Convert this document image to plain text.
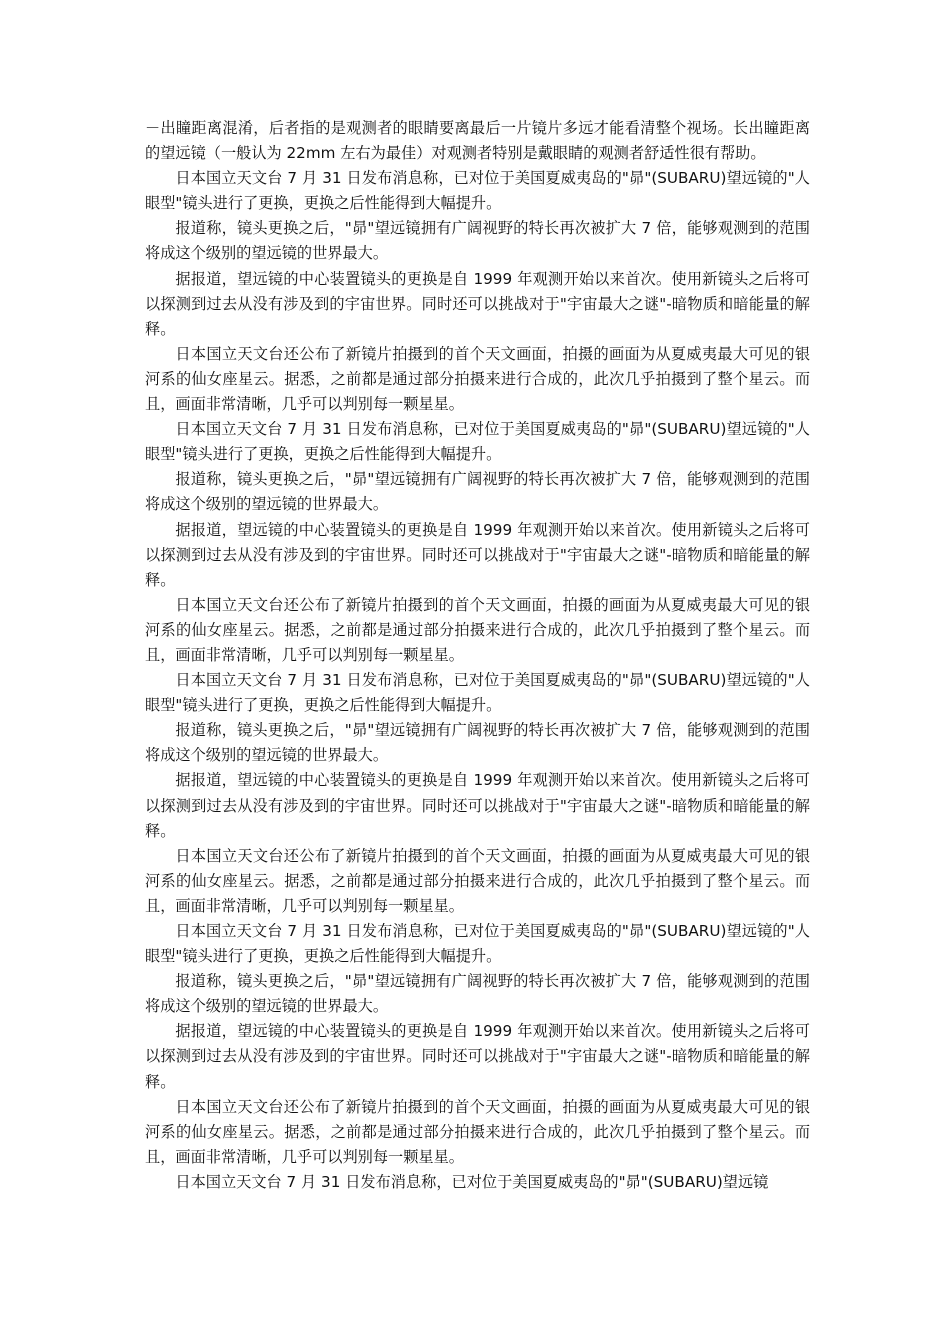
－出瞳距离混淆，后者指的是观测者的眼睛要离最后一片镜片多远才能看清整个视场。长出瞳距离的望远镜（一般认为 22mm 左右为最佳）对观测者特别是戴眼睛的观测者舒适性很有帮助。

日本国立天文台 7 月 31 日发布消息称，已对位于美国夏威夷岛的"昴"(SUBARU)望远镜的"人眼型"镜头进行了更换，更换之后性能得到大幅提升。

报道称，镜头更换之后，"昴"望远镜拥有广阔视野的特长再次被扩大 7 倍，能够观测到的范围将成这个级别的望远镜的世界最大。

据报道，望远镜的中心装置镜头的更换是自 1999 年观测开始以来首次。使用新镜头之后将可以探测到过去从没有涉及到的宇宙世界。同时还可以挑战对于"宇宙最大之谜"-暗物质和暗能量的解释。

日本国立天文台还公布了新镜片拍摄到的首个天文画面，拍摄的画面为从夏威夷最大可见的银河系的仙女座星云。据悉，之前都是通过部分拍摄来进行合成的，此次几乎拍摄到了整个星云。而且，画面非常清晰，几乎可以判别每一颗星星。

日本国立天文台 7 月 31 日发布消息称，已对位于美国夏威夷岛的"昴"(SUBARU)望远镜的"人眼型"镜头进行了更换，更换之后性能得到大幅提升。

报道称，镜头更换之后，"昴"望远镜拥有广阔视野的特长再次被扩大 7 倍，能够观测到的范围将成这个级别的望远镜的世界最大。

据报道，望远镜的中心装置镜头的更换是自 1999 年观测开始以来首次。使用新镜头之后将可以探测到过去从没有涉及到的宇宙世界。同时还可以挑战对于"宇宙最大之谜"-暗物质和暗能量的解释。

日本国立天文台还公布了新镜片拍摄到的首个天文画面，拍摄的画面为从夏威夷最大可见的银河系的仙女座星云。据悉，之前都是通过部分拍摄来进行合成的，此次几乎拍摄到了整个星云。而且，画面非常清晰，几乎可以判别每一颗星星。

日本国立天文台 7 月 31 日发布消息称，已对位于美国夏威夷岛的"昴"(SUBARU)望远镜的"人眼型"镜头进行了更换，更换之后性能得到大幅提升。

报道称，镜头更换之后，"昴"望远镜拥有广阔视野的特长再次被扩大 7 倍，能够观测到的范围将成这个级别的望远镜的世界最大。

据报道，望远镜的中心装置镜头的更换是自 1999 年观测开始以来首次。使用新镜头之后将可以探测到过去从没有涉及到的宇宙世界。同时还可以挑战对于"宇宙最大之谜"-暗物质和暗能量的解释。

日本国立天文台还公布了新镜片拍摄到的首个天文画面，拍摄的画面为从夏威夷最大可见的银河系的仙女座星云。据悉，之前都是通过部分拍摄来进行合成的，此次几乎拍摄到了整个星云。而且，画面非常清晰，几乎可以判别每一颗星星。

日本国立天文台 7 月 31 日发布消息称，已对位于美国夏威夷岛的"昴"(SUBARU)望远镜的"人眼型"镜头进行了更换，更换之后性能得到大幅提升。

报道称，镜头更换之后，"昴"望远镜拥有广阔视野的特长再次被扩大 7 倍，能够观测到的范围将成这个级别的望远镜的世界最大。

据报道，望远镜的中心装置镜头的更换是自 1999 年观测开始以来首次。使用新镜头之后将可以探测到过去从没有涉及到的宇宙世界。同时还可以挑战对于"宇宙最大之谜"-暗物质和暗能量的解释。

日本国立天文台还公布了新镜片拍摄到的首个天文画面，拍摄的画面为从夏威夷最大可见的银河系的仙女座星云。据悉，之前都是通过部分拍摄来进行合成的，此次几乎拍摄到了整个星云。而且，画面非常清晰，几乎可以判别每一颗星星。

日本国立天文台 7 月 31 日发布消息称，已对位于美国夏威夷岛的"昴"(SUBARU)望远镜
